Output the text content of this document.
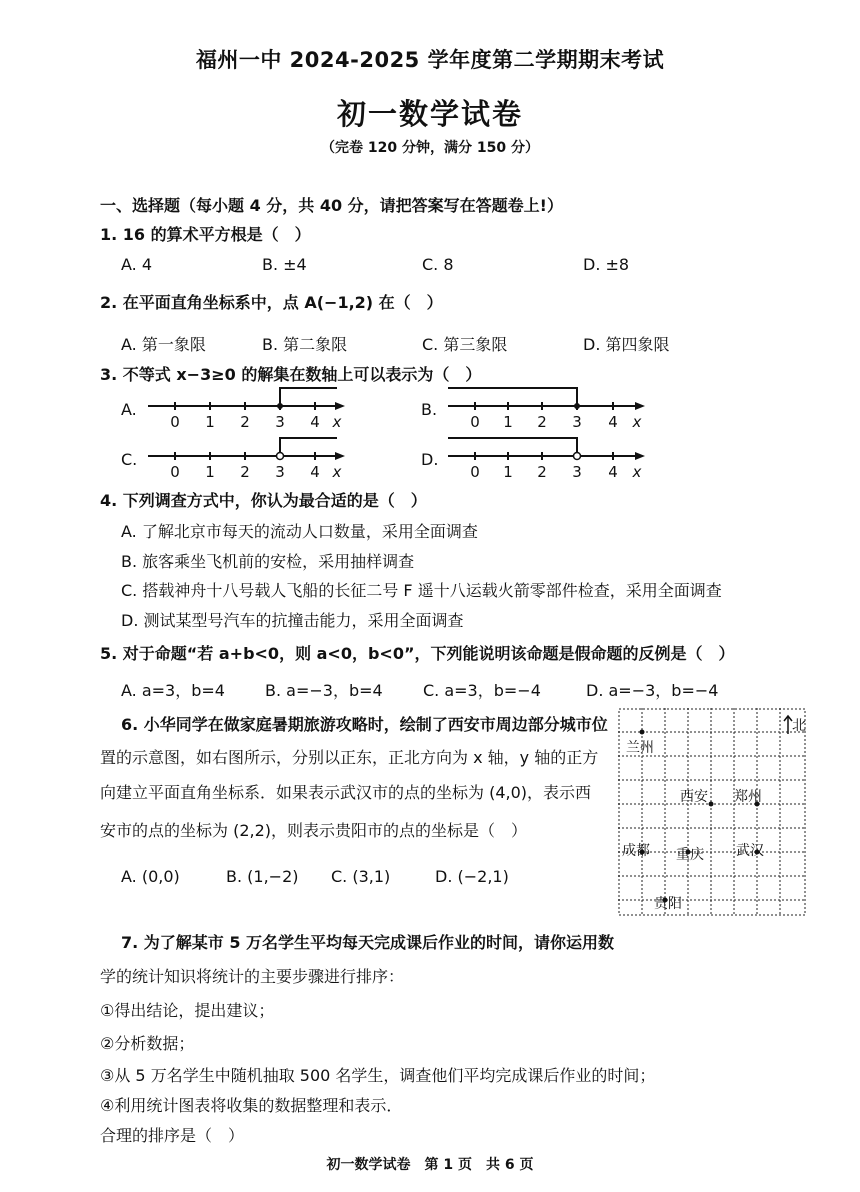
福州一中 2024-2025 学年度第二学期期末考试
初一数学试卷
（完卷 120 分钟，满分 150 分）
一、选择题（每小题 4 分，共 40 分，请把答案写在答题卷上!）
1. 16 的算术平方根是（　）
A. 4	B. ±4	C. 8	D. ±8
2. 在平面直角坐标系中，点 A(−1,2) 在（　）
A. 第一象限	B. 第二象限	C. 第三象限	D. 第四象限
3. 不等式 x−3≥0 的解集在数轴上可以表示为（　）
A.	B.
C.	D.
0 1 2 3 4 x	0 1 2 3 4 x
0 1 2 3 4 x	0 1 2 3 4 x
4. 下列调查方式中，你认为最合适的是（　）
A. 了解北京市每天的流动人口数量，采用全面调查
B. 旅客乘坐飞机前的安检，采用抽样调查
C. 搭载神舟十八号载人飞船的长征二号 F 遥十八运载火箭零部件检查，采用全面调查
D. 测试某型号汽车的抗撞击能力，采用全面调查
5. 对于命题“若 a+b<0，则 a<0，b<0”，下列能说明该命题是假命题的反例是（　）
A. a=3，b=4	B. a=−3，b=4	C. a=3，b=−4	D. a=−3，b=−4
6. 小华同学在做家庭暑期旅游攻略时，绘制了西安市周边部分城市位
置的示意图，如右图所示，分别以正东，正北方向为 x 轴，y 轴的正方
向建立平面直角坐标系．如果表示武汉市的点的坐标为 (4,0)，表示西
安市的点的坐标为 (2,2)，则表示贵阳市的点的坐标是（　）
A. (0,0)	B. (1,−2) C. (3,1)	D. (−2,1)
北
兰州
西安 郑州
成都 重庆 武汉
贵阳
7. 为了解某市 5 万名学生平均每天完成课后作业的时间，请你运用数
学的统计知识将统计的主要步骤进行排序：
①得出结论，提出建议；
②分析数据；
③从 5 万名学生中随机抽取 500 名学生，调查他们平均完成课后作业的时间；
④利用统计图表将收集的数据整理和表示．
合理的排序是（　）
初一数学试卷　第 1 页　共 6 页
